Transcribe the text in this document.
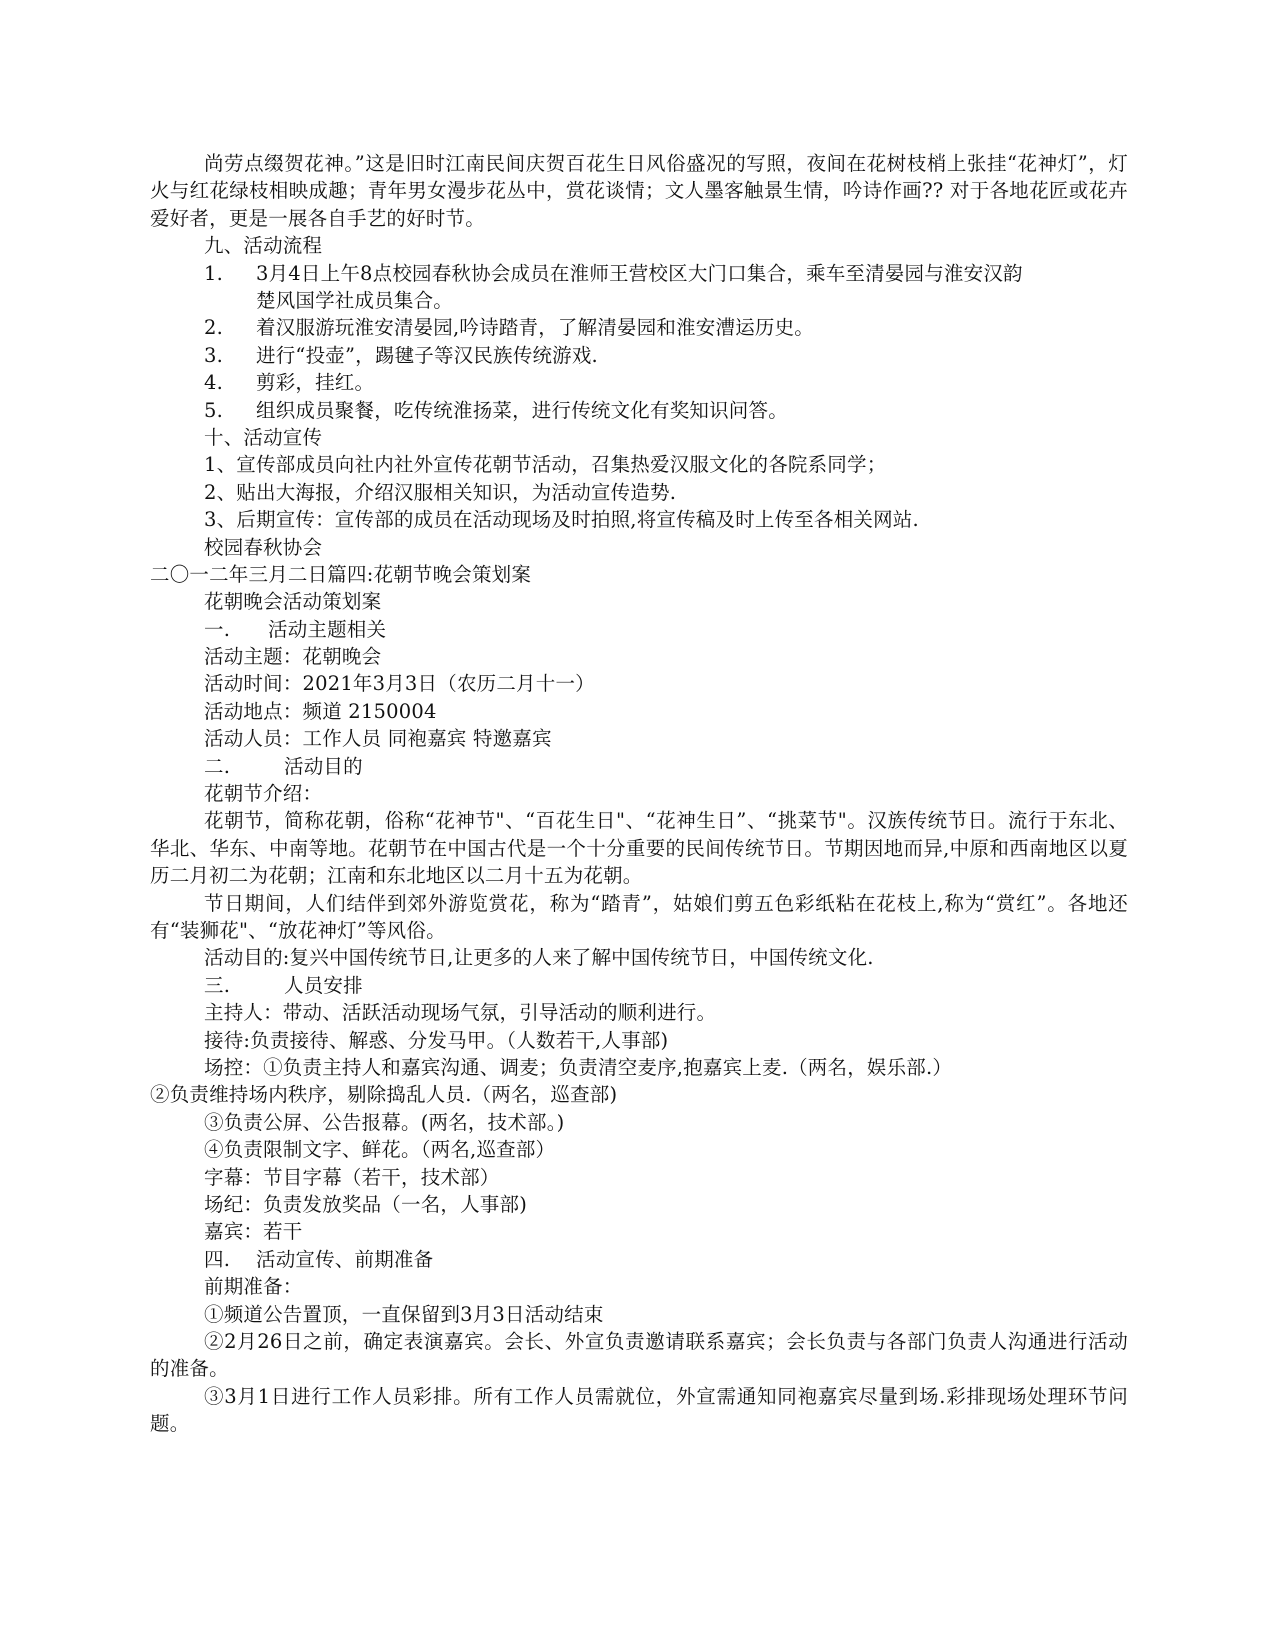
尚劳点缀贺花神。”这是旧时江南民间庆贺百花生日风俗盛况的写照，夜间在花树枝梢上张挂“花神灯”，灯火与红花绿枝相映成趣；青年男女漫步花丛中，赏花谈情；文人墨客触景生情，吟诗作画?? 对于各地花匠或花卉爱好者，更是一展各自手艺的好时节。
九、活动流程
1.	3月4日上午8点校园春秋协会成员在淮师王营校区大门口集合，乘车至清晏园与淮安汉韵
楚风国学社成员集合。
2.	着汉服游玩淮安清晏园,吟诗踏青，了解清晏园和淮安漕运历史。
3.	进行“投壶”，踢毽子等汉民族传统游戏.
4.	剪彩，挂红。
5.	组织成员聚餐，吃传统淮扬菜，进行传统文化有奖知识问答。
十、活动宣传
1、宣传部成员向社内社外宣传花朝节活动，召集热爱汉服文化的各院系同学；
2、贴出大海报，介绍汉服相关知识，为活动宣传造势.
3、后期宣传：宣传部的成员在活动现场及时拍照,将宣传稿及时上传至各相关网站.
校园春秋协会
二〇一二年三月二日篇四:花朝节晚会策划案
花朝晚会活动策划案
一. 活动主题相关
活动主题：花朝晚会
活动时间：2021年3月3日（农历二月十一）
活动地点：频道 2150004
活动人员：工作人员 同袍嘉宾 特邀嘉宾
二.	活动目的
花朝节介绍：
花朝节，简称花朝，俗称“花神节"、“百花生日"、“花神生日”、“挑菜节"。汉族传统节日。流行于东北、华北、华东、中南等地。花朝节在中国古代是一个十分重要的民间传统节日。节期因地而异,中原和西南地区以夏历二月初二为花朝；江南和东北地区以二月十五为花朝。
节日期间，人们结伴到郊外游览赏花，称为“踏青”，姑娘们剪五色彩纸粘在花枝上,称为“赏红”。各地还有“装狮花"、“放花神灯”等风俗。
活动目的:复兴中国传统节日,让更多的人来了解中国传统节日，中国传统文化.
三.	人员安排
主持人：带动、活跃活动现场气氛，引导活动的顺利进行。
接待:负责接待、解惑、分发马甲。（人数若干,人事部)
场控：①负责主持人和嘉宾沟通、调麦；负责清空麦序,抱嘉宾上麦.（两名，娱乐部.）
②负责维持场内秩序，剔除捣乱人员.（两名，巡查部)
③负责公屏、公告报幕。(两名，技术部。)
④负责限制文字、鲜花。（两名,巡查部）
字幕：节目字幕（若干，技术部）
场纪：负责发放奖品（一名，人事部)
嘉宾：若干
四. 活动宣传、前期准备
前期准备：
①频道公告置顶，一直保留到3月3日活动结束
②2月26日之前，确定表演嘉宾。会长、外宣负责邀请联系嘉宾；会长负责与各部门负责人沟通进行活动的准备。
③3月1日进行工作人员彩排。所有工作人员需就位，外宣需通知同袍嘉宾尽量到场.彩排现场处理环节问题。
